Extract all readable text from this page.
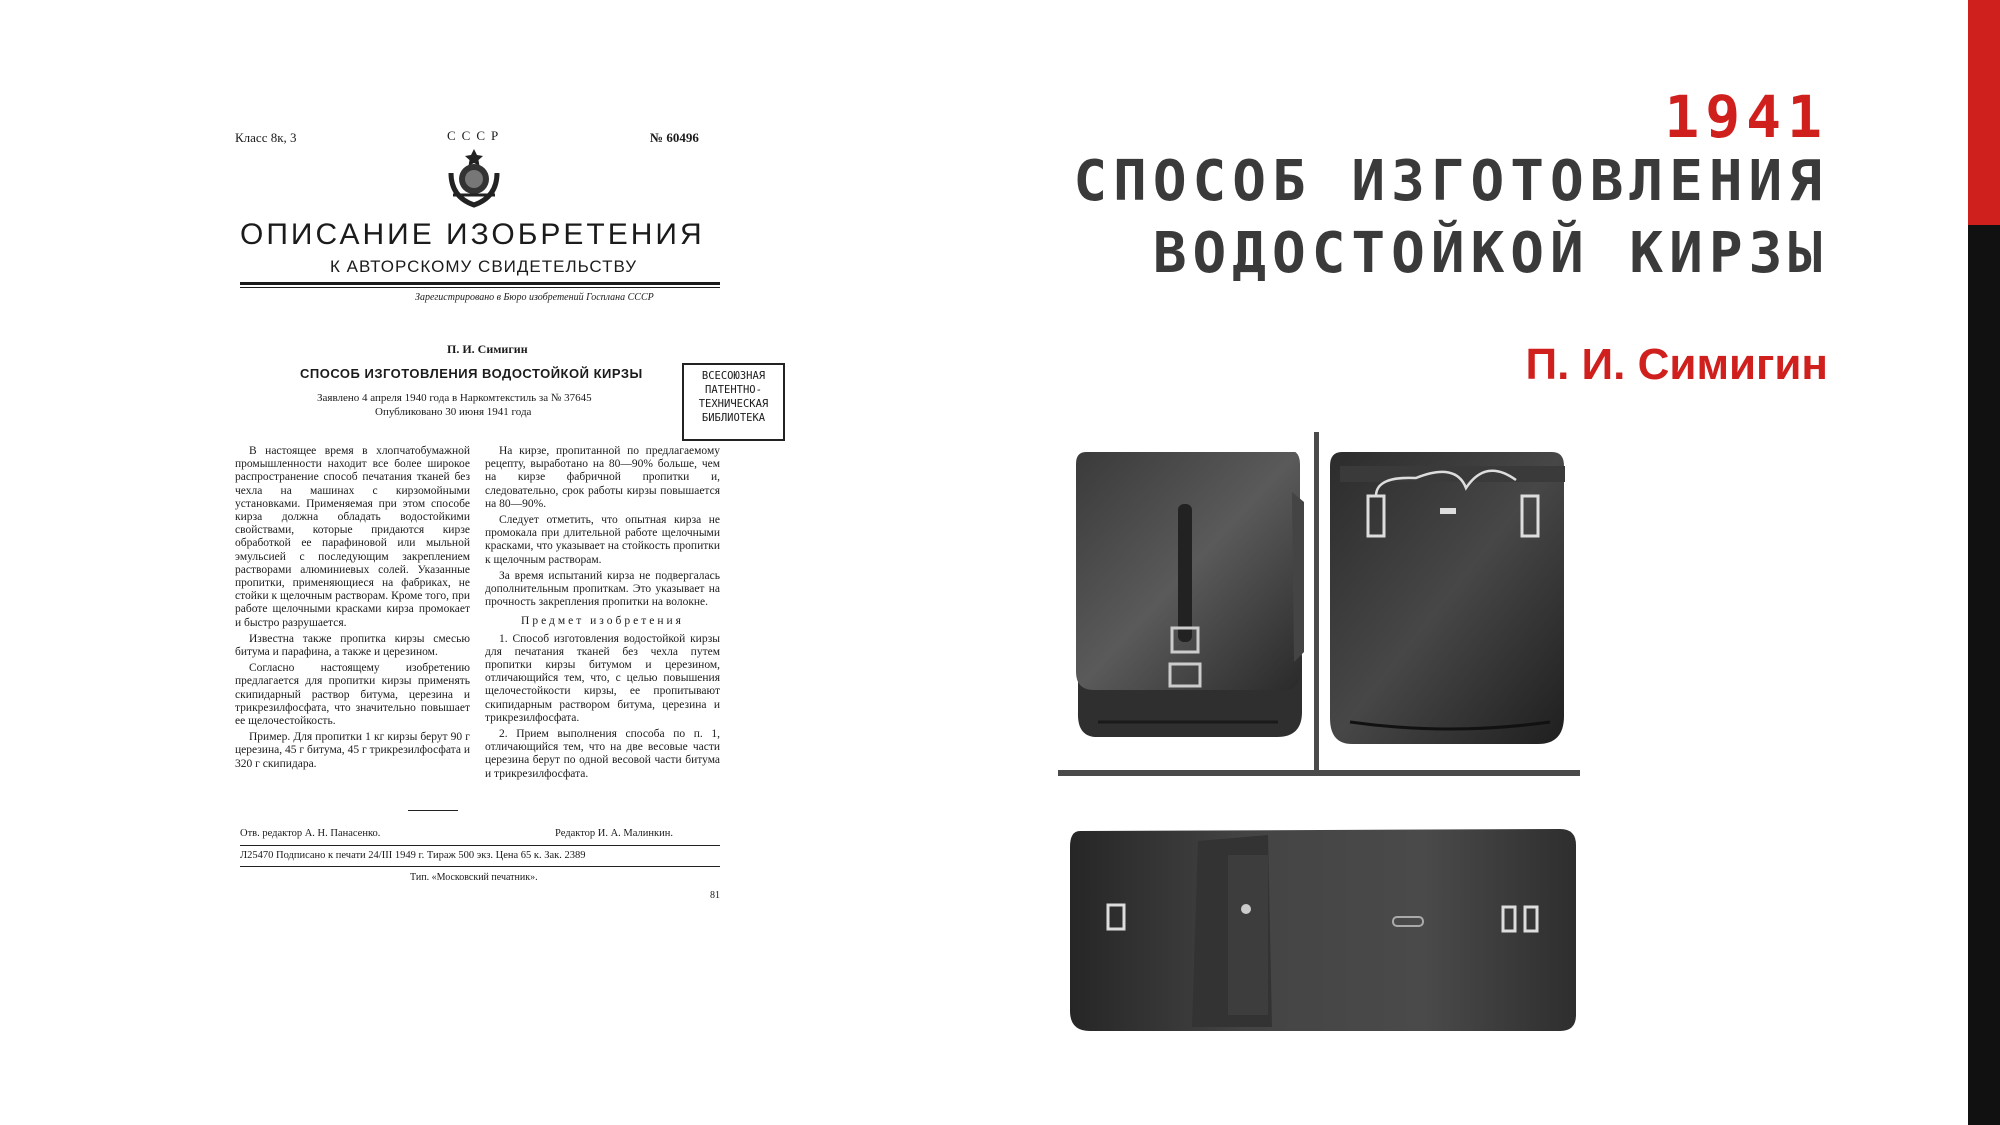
1941
СПОСОБ ИЗГОТОВЛЕНИЯ
ВОДОСТОЙКОЙ КИРЗЫ
П. И. Симигин
Класс 8к, 3	СССР	№ 60496
ОПИСАНИЕ ИЗОБРЕТЕНИЯ
К АВТОРСКОМУ СВИДЕТЕЛЬСТВУ
Зарегистрировано в Бюро изобретений Госплана СССР
П. И. Симигин
СПОСОБ ИЗГОТОВЛЕНИЯ ВОДОСТОЙКОЙ КИРЗЫ	ВСЕСОЮЗНАЯ
ПАТЕНТНО-
ТЕХНИЧЕСКАЯ
БИБЛИОТЕКА
Заявлено 4 апреля 1940 года в Наркомтекстиль за № 37645
Опубликовано 30 июня 1941 года

В настоящее время в хлопчатобумажной промышленности находит все более широкое распространение способ печатания тканей без чехла на машинах с кирзомойными установками. Применяемая при этом способе кирза должна обладать водостойкими свойствами, которые придаются кирзе обработкой ее парафиновой или мыльной эмульсией с последующим закреплением растворами алюминиевых солей. Указанные пропитки, применяющиеся на фабриках, не стойки к щелочным растворам. Кроме того, при работе щелочными красками кирза промокает и быстро разрушается.

Известна также пропитка кирзы смесью битума и парафина, а также и церезином.

Согласно настоящему изобретению предлагается для пропитки кирзы применять скипидарный раствор битума, церезина и трикрезилфосфата, что значительно повышает ее щелочестойкость.

Пример. Для пропитки 1 кг кирзы берут 90 г церезина, 45 г битума, 45 г трикрезилфосфата и 320 г скипидара.

На кирзе, пропитанной по предлагаемому рецепту, выработано на 80—90% больше, чем на кирзе фабричной пропитки и, следовательно, срок работы кирзы повышается на 80—90%.

Следует отметить, что опытная кирза не промокала при длительной работе щелочными красками, что указывает на стойкость пропитки к щелочным растворам.

За время испытаний кирза не подвергалась дополнительным пропиткам. Это указывает на прочность закрепления пропитки на волокне.

Предмет изобретения

1. Способ изготовления водостойкой кирзы для печатания тканей без чехла путем пропитки кирзы битумом и церезином, отличающийся тем, что, с целью повышения щелочестойкости кирзы, ее пропитывают скипидарным раствором битума, церезина и трикрезилфосфата.

2. Прием выполнения способа по п. 1, отличающийся тем, что на две весовые части церезина берут по одной весовой части битума и трикрезилфосфата.

Отв. редактор А. Н. Панасенко.	Редактор И. А. Малинкин.
Л25470 Подписано к печати 24/III 1949 г. Тираж 500 экз. Цена 65 к. Зак. 2389
Тип. «Московский печатник».
81
